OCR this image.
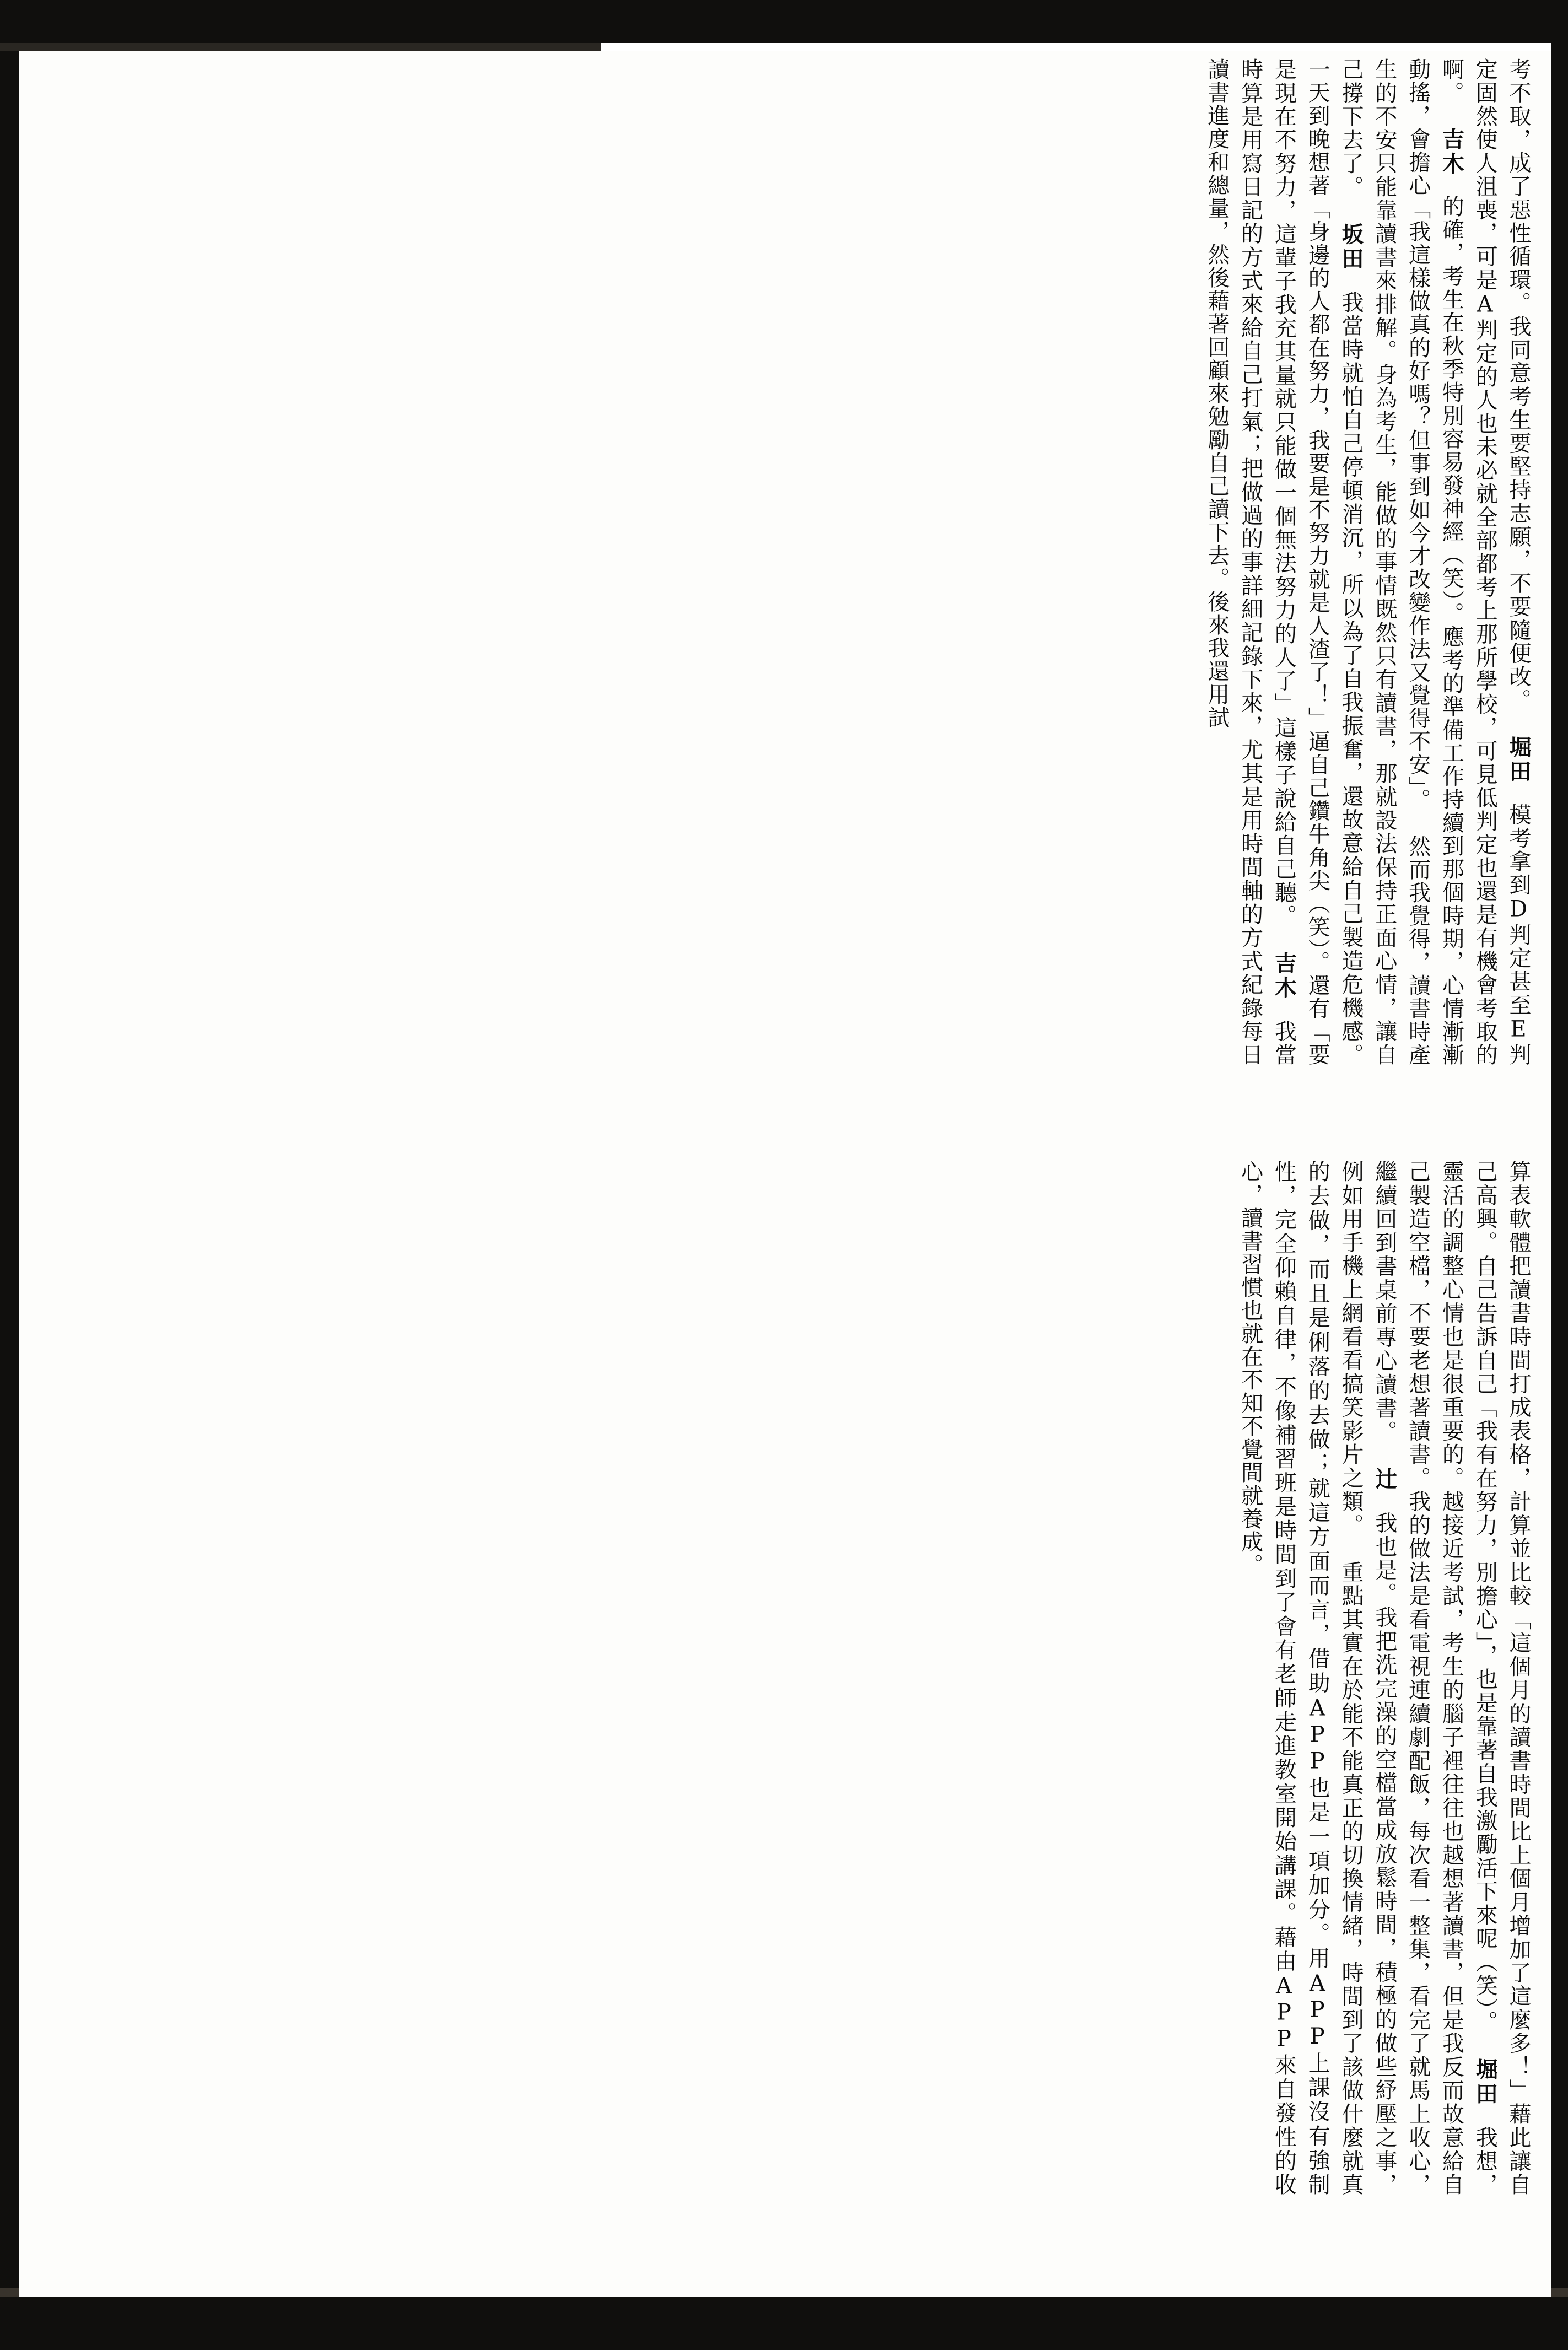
考不取，成了惡性循環。我同意考生要堅持志願，不要隨便改。堀田模考拿到D判定甚至E判定固然使人沮喪，可是A判定的人也未必就全部都考上那所學校，可見低判定也還是有機會考取的啊。吉木的確，考生在秋季特別容易發神經（笑）。應考的準備工作持續到那個時期，心情漸漸動搖，會擔心「我這樣做真的好嗎？但事到如今才改變作法又覺得不安」。然而我覺得，讀書時產生的不安只能靠讀書來排解。身為考生，能做的事情既然只有讀書，那就設法保持正面心情，讓自己撐下去了。坂田我當時就怕自己停頓消沉，所以為了自我振奮，還故意給自己製造危機感。一天到晚想著「身邊的人都在努力，我要是不努力就是人渣了！」逼自己鑽牛角尖（笑）。還有「要是現在不努力，這輩子我充其量就只能做一個無法努力的人了」這樣子說給自己聽。吉木我當時算是用寫日記的方式來給自己打氣；把做過的事詳細記錄下來，尤其是用時間軸的方式紀錄每日讀書進度和總量，然後藉著回顧來勉勵自己讀下去。後來我還用試
算表軟體把讀書時間打成表格，計算並比較「這個月的讀書時間比上個月增加了這麼多！」藉此讓自己高興。自己告訴自己「我有在努力，別擔心」，也是靠著自我激勵活下來呢（笑）。堀田我想，靈活的調整心情也是很重要的。越接近考試，考生的腦子裡往往也越想著讀書，但是我反而故意給自己製造空檔，不要老想著讀書。我的做法是看電視連續劇配飯，每次看一整集，看完了就馬上收心，繼續回到書桌前專心讀書。辻我也是。我把洗完澡的空檔當成放鬆時間，積極的做些紓壓之事，例如用手機上網看看搞笑影片之類。重點其實在於能不能真正的切換情緒，時間到了該做什麼就真的去做，而且是俐落的去做；就這方面而言，借助APP也是一項加分。用APP上課沒有強制性，完全仰賴自律，不像補習班是時間到了會有老師走進教室開始講課。藉由APP來自發性的收心，讀書習慣也就在不知不覺間就養成。
